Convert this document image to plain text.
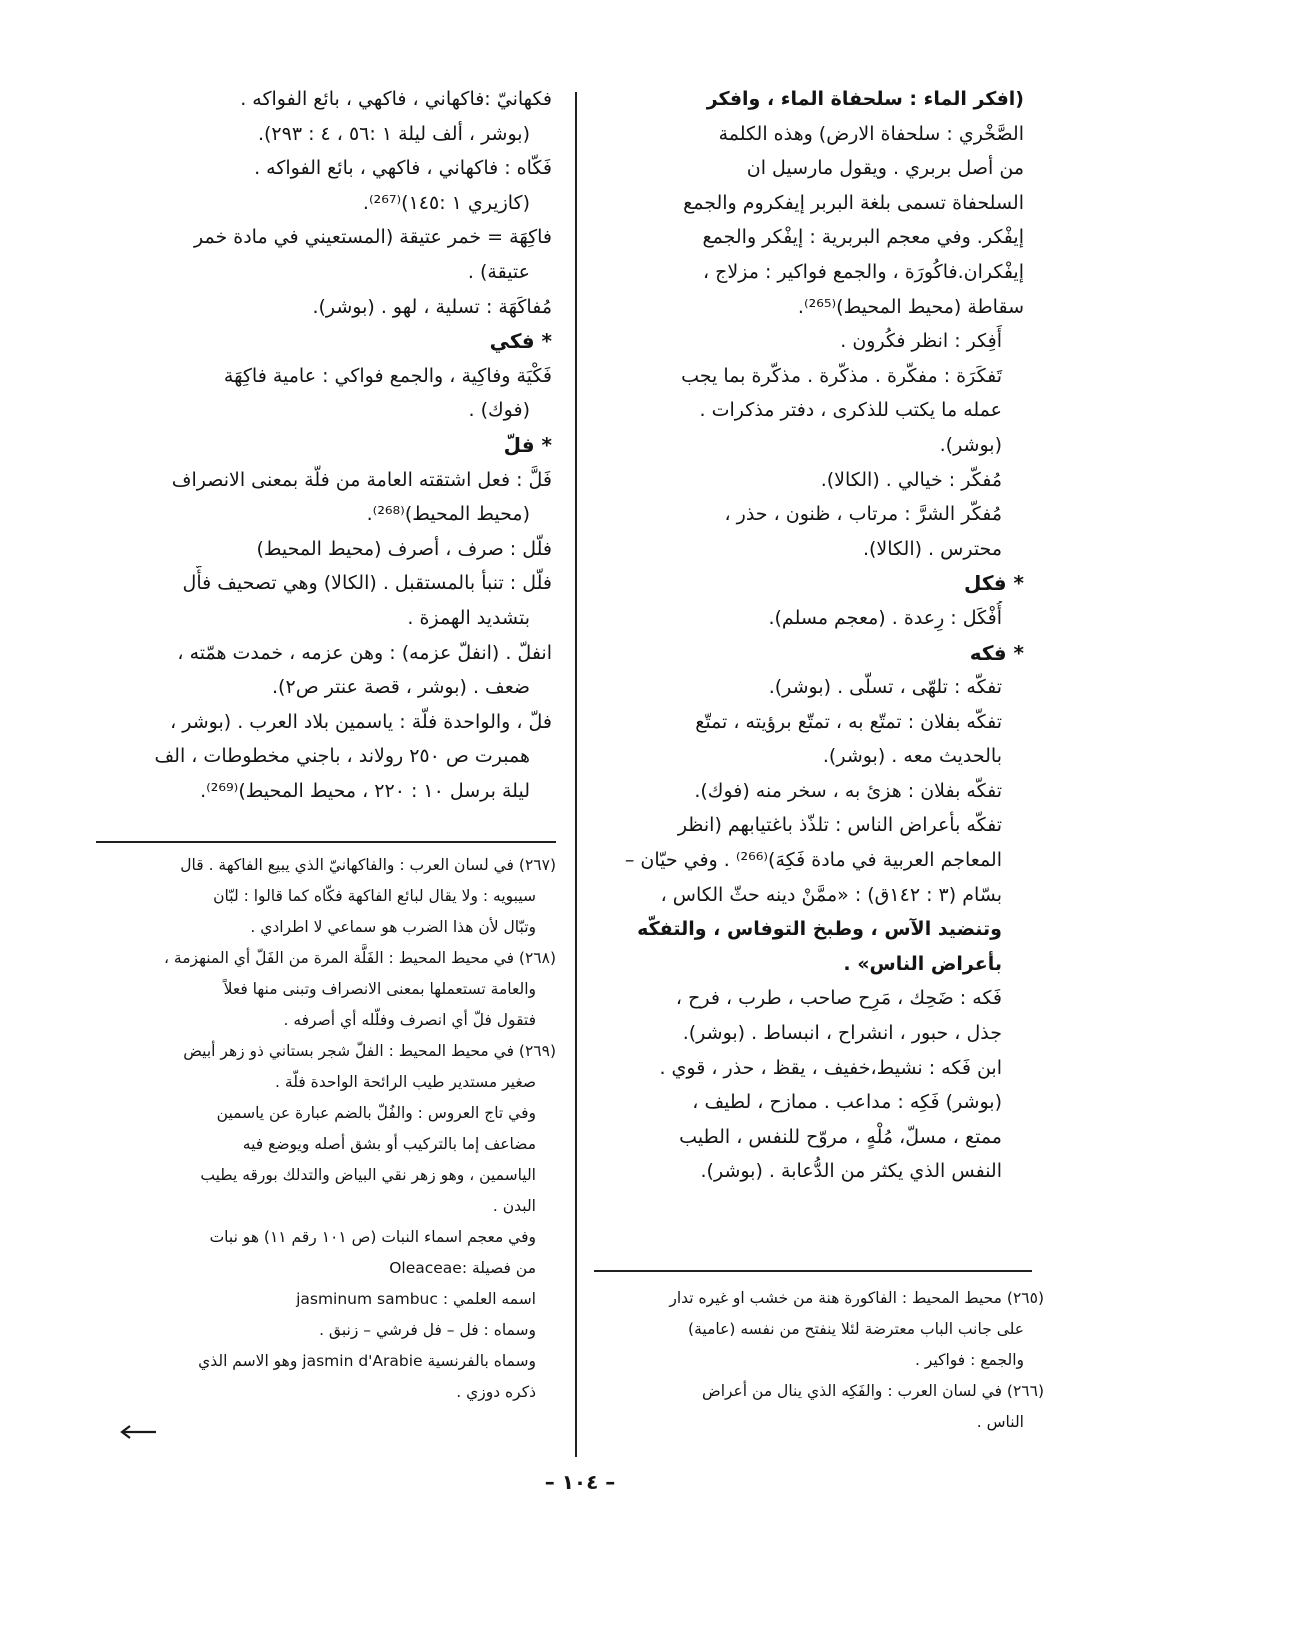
(افكر الماء : سلحفاة الماء ، وافكر
الصَّخْري : سلحفاة الارض) وهذه الكلمة
من أصل بربري . ويقول مارسيل ان
السلحفاة تسمى بلغة البربر إيفكروم والجمع
إيفْكر. وفي معجم البربرية : إيفْكر والجمع
إيفْكران.فاكُورَة ، والجمع فواكير : مزلاج ،
سقاطة (محيط المحيط)⁽²⁶⁵⁾.
أَفِكر : انظر فكُرون .
تَفكَرَة : مفكّرة . مذكّرة . مذكّرة بما يجب
عمله ما يكتب للذكرى ، دفتر مذكرات .
(بوشر).
مُفكّر : خيالي . (الكالا).
مُفكّر الشرَّ : مرتاب ، ظنون ، حذر ،
محترس . (الكالا).
* فكل
أُفْكَل : رِعدة . (معجم مسلم).
* فكه
تفكّه : تلهّى ، تسلّى . (بوشر).
تفكّه بفلان : تمتّع به ، تمتّع برؤيته ، تمتّع
بالحديث معه . (بوشر).
تفكّه بفلان : هزئ به ، سخر منه (فوك).
تفكّه بأعراض الناس : تلذّذ باغتيابهم (انظر
المعاجم العربية في مادة فَكِهَ)⁽²⁶⁶⁾ . وفي حيّان –
بسّام (٣ : ١٤٢ق) : «ممَّنْ دينه حثّ الكاس ،
وتنضيد الآس ، وطبخ التوفاس ، والتفكّه
بأعراض الناس» .
فَكه : ضَحِك ، مَرِح صاحب ، طرب ، فرح ،
جذل ، حبور ، انشراح ، انبساط . (بوشر).
ابن فَكه : نشيط،خفيف ، يقظ ، حذر ، قوي .
(بوشر) فَكِه : مداعب . ممازح ، لطيف ،
ممتع ، مسلّ، مُلْهٍ ، مروّح للنفس ، الطيب
النفس الذي يكثر من الدُّعابة . (بوشر).
(٢٦٥) محيط المحيط : الفاكورة هنة من خشب او غيره تدار
على جانب الباب معترضة لئلا ينفتح من نفسه (عامية)
والجمع : فواكير .
(٢٦٦) في لسان العرب : والفَكِه الذي ينال من أعراض
الناس .
فكهانيّ :فاكهاني ، فاكهي ، بائع الفواكه .
(بوشر ، ألف ليلة ١ :٥٦ ، ٤ : ٢٩٣).
فَكّاه : فاكهاني ، فاكهي ، بائع الفواكه .
(كازيري ١ :١٤٥)⁽²⁶⁷⁾.
فاكِهَة = خمر عتيقة (المستعيني في مادة خمر
عتيقة) .
مُفاكَهَة : تسلية ، لهو . (بوشر).
* فكي
فَكْيَة وفاكِية ، والجمع فواكي : عامية فاكِهَة
(فوك) .
* فلّ
فَلَّ : فعل اشتقته العامة من فلّة بمعنى الانصراف
(محيط المحيط)⁽²⁶⁸⁾.
فلّل : صرف ، أصرف (محيط المحيط)
فلّل : تنبأ بالمستقبل . (الكالا) وهي تصحيف فأّل
بتشديد الهمزة .
انفلّ . (انفلّ عزمه) : وهن عزمه ، خمدت همّته ،
ضعف . (بوشر ، قصة عنتر ص٢).
فلّ ، والواحدة فلّة : ياسمين بلاد العرب . (بوشر ،
همبرت ص ٢٥٠ رولاند ، باجني مخطوطات ، الف
ليلة برسل ١٠ : ٢٢٠ ، محيط المحيط)⁽²⁶⁹⁾.
(٢٦٧) في لسان العرب : والفاكهانيّ الذي يبيع الفاكهة . قال
سيبويه : ولا يقال لبائع الفاكهة فكّاه كما قالوا : لبّان
وتبّال لأن هذا الضرب هو سماعي لا اطرادي .
(٢٦٨) في محيط المحيط : الفَلَّة المرة من الفَلّ أي المنهزمة ،
والعامة تستعملها بمعنى الانصراف وتبنى منها فعلاً
فتقول فلّ أي انصرف وفلّله أي أصرفه .
(٢٦٩) في محيط المحيط : الفلّ شجر بستاني ذو زهر أبيض
صغير مستدير طيب الرائحة الواحدة فلّة .
وفي تاج العروس : والفُلّ بالضم عبارة عن ياسمين
مضاعف إما بالتركيب أو بشق أصله ويوضع فيه
الياسمين ، وهو زهر نقي البياض والتدلك بورقه يطيب
البدن .
وفي معجم اسماء النبات (ص ١٠١ رقم ١١) هو نبات
من فصيلة :Oleaceae
اسمه العلمي : jasminum sambuc
وسماه : فل – فل فرشي – زنبق .
وسماه بالفرنسية jasmin d'Arabie وهو الاسم الذي
ذكره دوزي .
– ١٠٤ –
